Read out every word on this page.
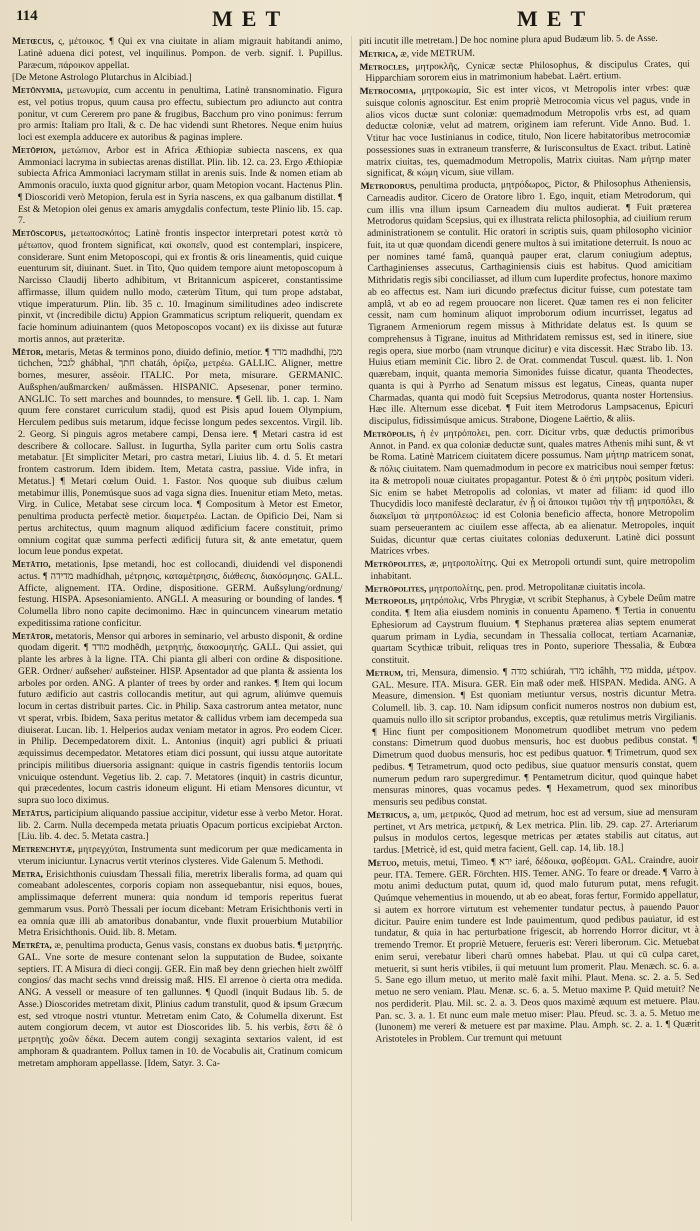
114	MET	MET

Metœcus, ς, μέτοικος. ¶ Qui ex vna ciuitate in aliam migrauit habitandi animo, Latinè aduena dici potest, vel inquilinus. Pompon. de verb. signif. l. Pupillus. Paræcum, πάροικον appellat.

[De Metone Astrologo Plutarchus in Alcibiad.]

Metōnymia, μετωνυμία, cum accentu in penultima, Latinè transnominatio. Figura est, vel potius tropus, quum causa pro effectu, subiectum pro adiuncto aut contra ponitur, vt cum Cererem pro pane & frugibus, Bacchum pro vino ponimus: ferrum pro armis: Italiam pro Itali, & c. De hac videndi sunt Rhetores. Neque enim huius loci est exempla adducere ex autoribus & paginas implere.

Metōpion, μετώπιον, Arbor est in Africa Æthiopiæ subiecta nascens, ex qua Ammoniaci lacryma in subiectas arenas distillat. Plin. lib. 12. ca. 23. Ergo Æthiopiæ subiecta Africa Ammoniaci lacrymam stillat in arenis suis. Inde & nomen etiam ab Ammonis oraculo, iuxta quod gignitur arbor, quam Metopion vocant. Hactenus Plin. ¶ Dioscoridi verò Metopion, ferula est in Syria nascens, ex qua galbanum distillat. ¶ Est & Metopion olei genus ex amaris amygdalis confectum, teste Plinio lib. 15. cap. 7.

Metōscopus, μετωποσκόπος; Latinè frontis inspector interpretari potest κατὰ τὸ μέτωπον, quod frontem significat, καὶ σκοπεῖν, quod est contemplari, inspicere, considerare. Sunt enim Metoposcopi, qui ex frontis & oris lineamentis, quid cuique euenturum sit, diuinant. Suet. in Tito, Quo quidem tempore aiunt metoposcopum à Narcisso Claudij liberto adhibitum, vt Britannicum aspiceret, constantissime affirmasse, illum quidem nullo modo, cæterùm Titum, qui tum prope adstabat, vtique imperaturum. Plin. lib. 35 c. 10. Imaginum similitudines adeo indiscrete pinxit, vt (incredibile dictu) Appion Grammaticus scriptum reliquerit, quendam ex facie hominum adiuinantem (quos Metoposcopos vocant) ex iis dixisse aut futuræ mortis annos, aut præteritæ.

Mētor, metaris, Metas & terminos pono, diuido definio, metior. ¶ מדד madhdhi, ממן tichchen, לגבל ghábhal, חתך chatáh, ὁρίζω, μετρέω. GALLIC. Aligner, mettre bornes, mesurer, assëoir. ITALIC. Por meta, misurare. GERMANIC. Außsphen/außmarcken/ außmässen. HISPANIC. Apsesenar, poner termino. ANGLIC. To sett marches and bounndes, to mensure. ¶ Gell. lib. 1. cap. 1. Nam quum fere constaret curriculum stadij, quod est Pisis apud Iouem Olympium, Herculem pedibus suis metarum, idque fecisse longum pedes sexcentos. Virgil. lib. 2. Georg. Si pinguis agros metabere campi, Densa iere. ¶ Metari castra id est describere & collocare. Sallust. in Iugurtha, Sylla pariter cum ortu Solis castra metabatur. [Et simpliciter Metari, pro castra metari, Liuius lib. 4. d. 5. Et metari frontem castrorum. Idem ibidem. Item, Metata castra, passiue. Vide infra, in Metatus.] ¶ Metari cœlum Ouid. 1. Fastor. Nos quoque sub diuibus cælum metabimur illis, Ponemúsque suos ad vaga signa dies. Inuenitur etiam Meto, metas. Virg. in Culice, Metabat sese circum loca. ¶ Compositum à Metor est Emetor, penultima producta perfectè metior. διαμετρέω. Lactan. de Opificio Dei, Nam si pertus architectus, quum magnum aliquod ædificium facere constituit, primo omnium cogitat quæ summa perfecti ædificij futura sit, & ante emetatur, quem locum leue pondus expetat.

Metātio, metationis, Ipse metandi, hoc est collocandi, diuidendi vel disponendi actus. ¶ מדידה madhídhah, μέτρησις, καταμέτρησις, διάθεσις, διακόσμησις. GALL. Afficte, alignement. ITA. Ordine, dispositione. GERM. Außsylung/ordnung/ festung. HISPA. Apsesoniamiento. ANGLI. A measuring or bounding of landes. ¶ Columella libro nono capite decimonimo. Hæc in quincuncem vinearum metatio expeditissima ratione conficitur.

Metātor, metatoris, Mensor qui arbores in seminario, vel arbusto disponit, & ordine quodam digerit. ¶ מודד modhêdh, μετρητής, διακοσμητής. GALL. Qui assiet, qui plante les arbres à la ligne. ITA. Chi pianta gli alberi con ordine & dispositione. GER. Ordner/ außseher/ außsteiner. HISP. Apsentador ad que planta & assienta los arboles por orden. ANG. A planter of trees by order and rankes. ¶ Item qui locum futuro ædificio aut castris collocandis metitur, aut qui agrum, aliúmve quemuis locum in certas distribuit partes. Cic. in Philip. Saxa castrorum antea metator, nunc vt sperat, vrbis. Ibidem, Saxa peritus metator & callidus vrbem iam decempeda sua diuiserat. Lucan. lib. 1. Helperios audax veniam metator in agros. Pro eodem Cicer. in Philip. Decempedatorem dixit. L. Antonius (inquit) agri publici & priuati æquissimus decempedator. Metatores etiam dici possunt, qui iussu atque autoritate principis militibus diuersoria assignant: quique in castris figendis tentoriis locum vnicuique ostendunt. Vegetius lib. 2. cap. 7. Metatores (inquit) in castris dicuntur, qui præcedentes, locum castris idoneum eligunt. Hi etiam Mensores dicuntur, vt supra suo loco diximus.

Metātus, participium aliquando passiue accipitur, videtur esse à verbo Metor. Horat. lib. 2. Carm. Nulla decempeda metata priuatis Opacum porticus excipiebat Arcton. [Liu. lib. 4. dec. 5. Metata castra.]

Metrenchytæ, μητρεγχύται, Instrumenta sunt medicorum per quæ medicamenta in vterum iniciuntur. Lynacrus vertit vterinos clysteres. Vide Galenum 5. Methodi.

Metra, Erisichthonis cuiusdam Thessali filia, meretrix liberalis forma, ad quam qui comeabant adolescentes, corporis copiam non assequebantur, nisi equos, boues, amplissimaque deferrent munera: quia nondum id temporis reperitus fuerat gemmarum vsus. Porrò Thessali per iocum dicebant: Metram Erisichthonis verti in ea omnia quæ illi ab amatoribus donabantur, vnde fluxit prouerbium Mutabilior Metra Erisichthonis. Ouid. lib. 8. Metam.

Metrēta, æ, penultima producta, Genus vasis, constans ex duobus batis. ¶ μετρητής. GAL. Vne sorte de mesure contenant selon la supputation de Budee, soixante septiers. IT. A Misura di dieci congij. GER. Ein maß bey denn griechen hielt zwölff congios/ das macht sechs vnnd dreissig maß. HIS. El arrenoe ò cierta otra medida. ANG. A vessell or measure of ten gallunnes. ¶ Quodl (inquit Budaus lib. 5. de Asse.) Dioscorides metretam dixit, Plinius cadum transtulit, quod & ipsum Græcum est, sed vtroque nostri vtuntur. Metretam enim Cato, & Columella dixerunt. Est autem congiorum decem, vt autor est Dioscorides lib. 5. his verbis, ἔστι δὲ ὁ μετρητὴς χοῶν δέκα. Decem autem congij sexaginta sextarios valent, id est amphoram & quadrantem. Pollux tamen in 10. de Vocabulis ait, Cratinum comicum metretam amphoram appellasse. [Idem, Satyr. 3. Ca-

piti incutit ille metretam.] De hoc nomine plura apud Budæum lib. 5. de Asse.

Metrica, æ, vide METRUM.

Metrocles, μητροκλῆς, Cynicæ sectæ Philosophus, & discipulus Crates, qui Hipparchiam sororem eius in matrimonium habebat. Laërt. ertium.

Metrocomia, μητροκωμία, Sic est inter vicos, vt Metropolis inter vrbes: quæ suisque colonis agnoscitur. Est enim propriè Metrocomia vicus vel pagus, vnde in alios vicos ductæ sunt coloniæ: quemadmodum Metropolis vrbs est, ad quam deductæ coloniæ, velut ad matrem, originem iam referunt. Vide Anno. Bud. 1. Vtitur hac voce Iustinianus in codice, titulo, Non licere habitatoribus metrocomiæ possessiones suas in extraneum transferre, & Iurisconsultus de Exact. tribut. Latinè matrix ciuitas, tes, quemadmodum Metropolis, Matrix ciuitas. Nam μήτηρ mater significat, & κώμη vicum, siue villam.

Metrodorus, penultima producta, μητρόδωρος, Pictor, & Philosophus Atheniensis, Carneadis auditor. Cicero de Oratore libro 1. Ego, inquit, etiam Metrodorum, qui cum illis vna illum ipsum Carneadem diu multos audierat. ¶ Fuit præterea Metrodorus quidam Scepsius, qui ex illustrata relicta philosophia, ad ciuilium rerum administrationem se contulit. Hic oratori in scriptis suis, quam philosopho vicinior fuit, ita ut quæ quondam dicendi genere multos à sui imitatione deterruit. Is nouo ac per nomines tamé famâ, quanquà pauper erat, clarum coniugium adeptus, Carthaginienses assecutus, Carthaginiensis ciuis est habitus. Quod amicitiam Mithridatis regis sibi conciliasset, ad illum cum Iuperdite profectus, honore maximo ab eo affectus est. Nam iuri dicundo præfectus dicitur fuisse, cum potestate tam amplâ, vt ab eo ad regem prouocare non liceret. Quæ tamen res ei non feliciter cessit, nam cum hominum aliquot improborum odium incurrisset, legatus ad Tigranem Armeniorum regem missus à Mithridate delatus est. Is quum se comprehensus à Tigrane, inuitus ad Mithridatem remissus est, sed in itinere, siue regis opera, siue morbo (nam vtrunque dicitur) e vita discessit. Hæc Strabo lib. 13. Huius etiam meminit Cic. libro 2. de Orat. commendat Tuscul. quæst. lib. 1. Non quærebam, inquit, quanta memoria Simonides fuisse dicatur, quanta Theodectes, quanta is qui à Pyrrho ad Senatum missus est legatus, Cineas, quanta nuper Charmadas, quanta qui modò fuit Scepsius Metrodorus, quanta noster Hortensius. Hæc ille. Alternum esse dicebat. ¶ Fuit item Metrodorus Lampsacenus, Epicuri discipulus, fidissimúsque amicus. Strabone, Diogene Laërtio, & aliis.

Metrōpolis, ἡ ἐν μητρόπολει, pen. corr. Dicitur vrbs, quæ deductis primoribus Annot. in Pand. ex qua coloniæ deductæ sunt, quales matres Athenis mihi sunt, & vt be Roma. Latinè Matricem ciuitatem dicere possumus. Nam μήτηρ matricem sonat, & πόλις ciuitatem. Nam quemadmodum in pecore ex matricibus noui semper fœtus: ita & metropoli nouæ ciuitates propagantur. Potest & ὁ ἐπὶ μητρὸς positum videri. Sic enim se habet Metropolis ad colonias, vt mater ad filiam: id quod illo Thucydidis loco manifestè declaratur, ἐν ᾗ οἱ ἄποικοι τιμῶσι τὴν τῇ μητροπόλει, & διακεῖμαι τὰ μητροπόλεως: id est Colonia beneficio affecta, honore Metropolim suam perseuerantem ac ciuilem esse affecta, ab ea alienatur. Metropoles, inquit Suidas, dicuntur quæ certas ciuitates colonias deduxerunt. Latinè dici possunt Matrices vrbes.

Metrōpolites, æ, μητροπολίτης. Qui ex Metropoli ortundi sunt, quire metropolim inhabitant.

Metrōpolites, μητροπολίτης, pen. prod. Metropolitanæ ciuitatis incola.

Metropolis, μητρόπολις, Vrbs Phrygiæ, vt scribit Stephanus, à Cybele Deûm matre condita. ¶ Item alia eiusdem nominis in conuentu Apameno. ¶ Tertia in conuentu Ephesiorum ad Caystrum fluuium. ¶ Stephanus præterea alias septem enumerat quarum primam in Lydia, secundam in Thessalia collocat, tertiam Acarnaniæ, quartam Scythicæ tribuit, reliquas tres in Ponto, superiore Thessalia, & Eubœa constituit.

Metrum, tri, Mensura, dimensio. ¶ מדה schiúrah, מדד ichâhh, מיד midda, μέτρον. GAL. Mesure. ITA. Misura. GER. Ein maß oder meß. HISPAN. Medida. ANG. A Measure, dimension. ¶ Est quoniam metiuntur versus, nostris dicuntur Metra. Columell. lib. 3. cap. 10. Nam idipsum conficit numeros nostros non dubium est, quamuis nullo illo sit scriptor probandus, exceptis, quæ retulimus metris Virgilianis. ¶ Hinc fiunt per compositionem Monometrum quodlibet metrum vno pedem constans: Dimetrum quod duobus mensuris, hoc est duobus pedibus constat. ¶ Dimetrum quod duobus mensuris, hoc est pedibus quatuor. ¶ Trimetrum, quod sex pedibus. ¶ Tetrametrum, quod octo pedibus, siue quatuor mensuris constat, quem numerum pedum raro supergredimur. ¶ Pentametrum dicitur, quod quinque habet mensuras minores, quas vocamus pedes. ¶ Hexametrum, quod sex minoribus mensuris seu pedibus constat.

Metricus, a, um, μετρικός, Quod ad metrum, hoc est ad versum, siue ad mensuram pertinet, vt Ars metrica, μετρική, & Lex metrica. Plin. lib. 29. cap. 27. Arteriarum pulsus in modulos certos, legesque metricas per ætates stabilis aut citatus, aut tardus. [Metricè, id est, quid metra facient, Gell. cap. 14, lib. 18.]

Metuo, metuis, metui, Timeo. ¶ ירא iaré, δέδοικα, φοβέομαι. GAL. Craindre, auoir peur. ITA. Temere. GER. Förchten. HIS. Temer. ANG. To feare or dreade. ¶ Varro à motu animi deductum putat, quum id, quod malo futurum putat, mens refugit. Quúmque vehementius in mouendo, ut ab eo abeat, foras fertur, Formido appellatur, si autem ex horrore virtutum est vehementer tundatur pectus, à pauendo Pauor dicitur. Pauire enim tundere est Inde pauimentum, quod pedibus pauiatur, id est tundatur, & quia in hac perturbatione frigescit, ab horrendo Horror dicitur, vt à tremendo Tremor. Et propriè Metuere, ferueris est: Vereri liberorum. Cic. Metuebat enim serui, verebatur liberi charū omnes habebat. Plau. ut qui cū culpa caret, metuerit, si sunt heris vtibiles, ii qui metuunt lum promerit. Plau. Menæch. sc. 6. a. 5. Sane ego illum metuo, ut merito malè faxit mihi. Plaut. Mena. sc. 2. a. 5. Sed metuo ne sero veniam. Plau. Menæ. sc. 6. a. 5. Metuo maxime P. Quid metuit? Ne nos perdiderit. Plau. Mil. sc. 2. a. 3. Deos quos maximè æquum est metuere. Plau. Pan. sc. 3. a. 1. Et nunc eum male metuo miser: Plau. Pfeud. sc. 3. a. 5. Metuo me (Iunonem) me vereri & metuere est par maxime. Plau. Amph. sc. 2. a. 1. ¶ Quærit Aristoteles in Problem. Cur tremunt qui metuunt
